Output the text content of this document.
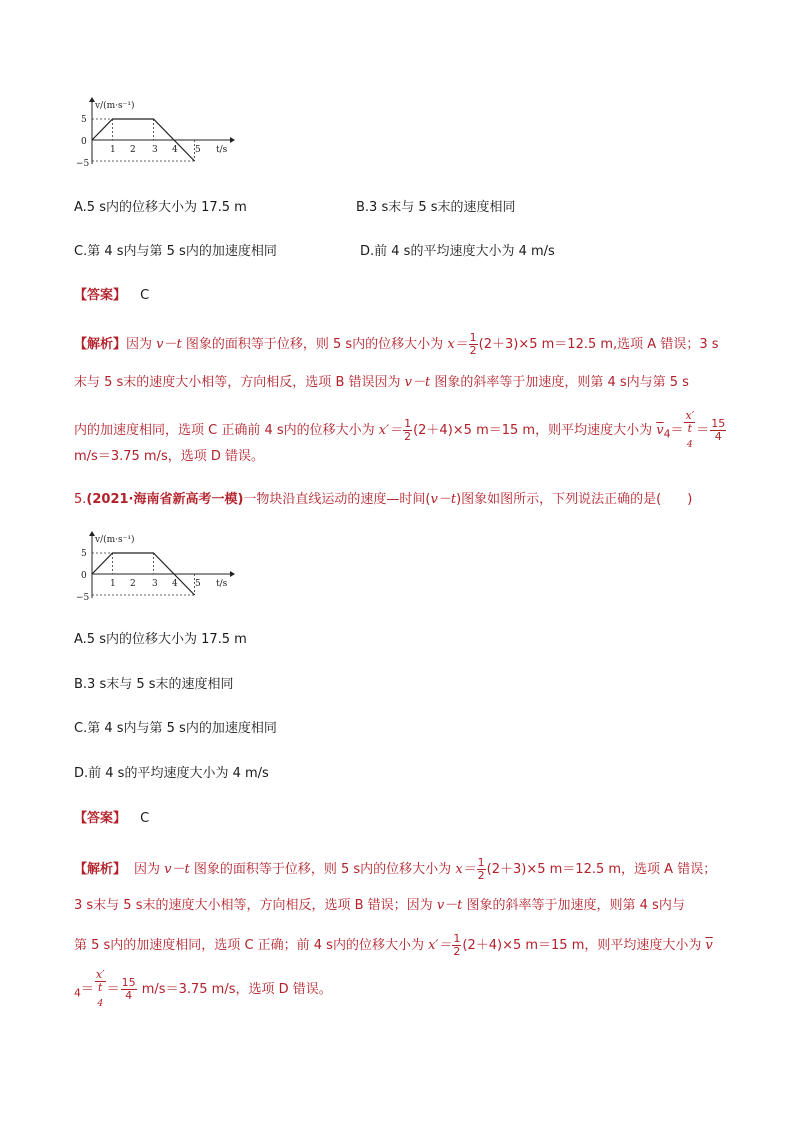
v/(m·s⁻¹)
t/s
5
0
−5
1 2 3 4 5
A.5 s内的位移大小为 17.5 m	B.3 s末与 5 s末的速度相同
C.第 4 s内与第 5 s内的加速度相同	D.前 4 s的平均速度大小为 4 m/s
【答案】 C
【解析】因为 v－t 图象的面积等于位移，则 5 s内的位移大小为 $x= \frac{1}{2} (2+3)\times 5$ m＝12.5 m,选项 A 错误；3 s
末与 5 s末的速度大小相等，方向相反，选项 B 错误因为 v－t 图象的斜率等于加速度，则第 4 s内与第 5 s
内的加速度相同，选项 C 正确前 4 s内的位移大小为 $x'= \frac{1}{2} (2+4)\times 5$ m＝15 m，则平均速度大小为 $\overline{v}_4= x'$
t
$_4 = \frac{15}{4}$
m/s＝3.75 m/s，选项 D 错误。
5.(2021·海南省新高考一模)一物块沿直线运动的速度—时间(v－t)图象如图所示，下列说法正确的是(　　)
v/(m·s⁻¹)
t/s
5
0
−5
1 2 3 4 5
A.5 s内的位移大小为 17.5 m
B.3 s末与 5 s末的速度相同
C.第 4 s内与第 5 s内的加速度相同
D.前 4 s的平均速度大小为 4 m/s
【答案】 C
【解析】 因为 v－t 图象的面积等于位移，则 5 s内的位移大小为 $x= \frac{1}{2} (2+3)\times 5$ m＝12.5 m，选项 A 错误；
3 s末与 5 s末的速度大小相等，方向相反，选项 B 错误；因为 v－t 图象的斜率等于加速度，则第 4 s内与
第 5 s内的加速度相同，选项 C 正确；前 4 s内的位移大小为 $x'= \frac{1}{2} (2+4)\times 5$ m＝15 m，则平均速度大小为 $\overline{v}$
$_4$＝ x′
t
$_4 = \frac{15}{4} m/s=3.75$ m/s，选项 D 错误。
